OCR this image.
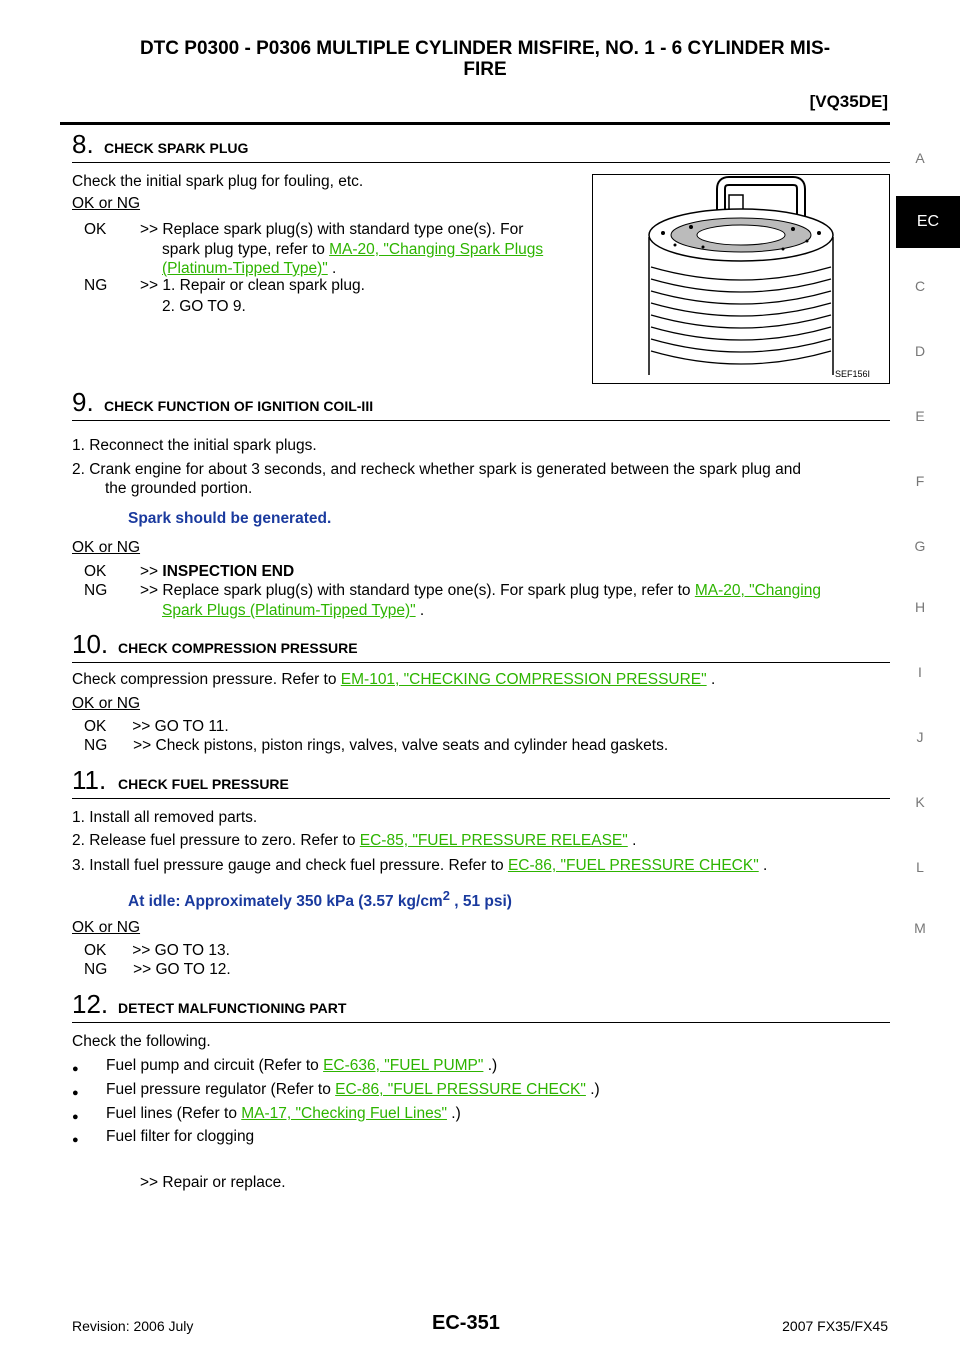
DTC P0300 - P0306 MULTIPLE CYLINDER MISFIRE, NO. 1 - 6 CYLINDER MIS-
FIRE
[VQ35DE]
A
EC
C
D
E
F
G
H
I
J
K
L
M
8. CHECK SPARK PLUG
Check the initial spark plug for fouling, etc.
OK or NG
OK >> Replace spark plug(s) with standard type one(s). For
spark plug type, refer to MA-20, "Changing Spark Plugs
(Platinum-Tipped Type)" .
NG >> 1. Repair or clean spark plug.
2. GO TO 9.
SEF156I
9. CHECK FUNCTION OF IGNITION COIL-III
1. Reconnect the initial spark plugs.
2. Crank engine for about 3 seconds, and recheck whether spark is generated between the spark plug and
the grounded portion.
Spark should be generated.
OK or NG
OK >> INSPECTION END
NG >> Replace spark plug(s) with standard type one(s). For spark plug type, refer to MA-20, "Changing
Spark Plugs (Platinum-Tipped Type)" .
10. CHECK COMPRESSION PRESSURE
Check compression pressure. Refer to EM-101, "CHECKING COMPRESSION PRESSURE" .
OK or NG
OK      >> GO TO 11.
NG      >> Check pistons, piston rings, valves, valve seats and cylinder head gaskets.
11. CHECK FUEL PRESSURE
1. Install all removed parts.
2. Release fuel pressure to zero. Refer to EC-85, "FUEL PRESSURE RELEASE" .
3. Install fuel pressure gauge and check fuel pressure. Refer to EC-86, "FUEL PRESSURE CHECK" .
At idle: Approximately 350 kPa (3.57 $kg/cm^2$ , 51 psi)
OK or NG
OK      >> GO TO 13.
NG      >> GO TO 12.
12. DETECT MALFUNCTIONING PART
Check the following.
● Fuel pump and circuit (Refer to EC-636, "FUEL PUMP" .)
● Fuel pressure regulator (Refer to EC-86, "FUEL PRESSURE CHECK" .)
● Fuel lines (Refer to MA-17, "Checking Fuel Lines" .)
● Fuel filter for clogging
>> Repair or replace.
Revision: 2006 July	EC-351	2007 FX35/FX45
